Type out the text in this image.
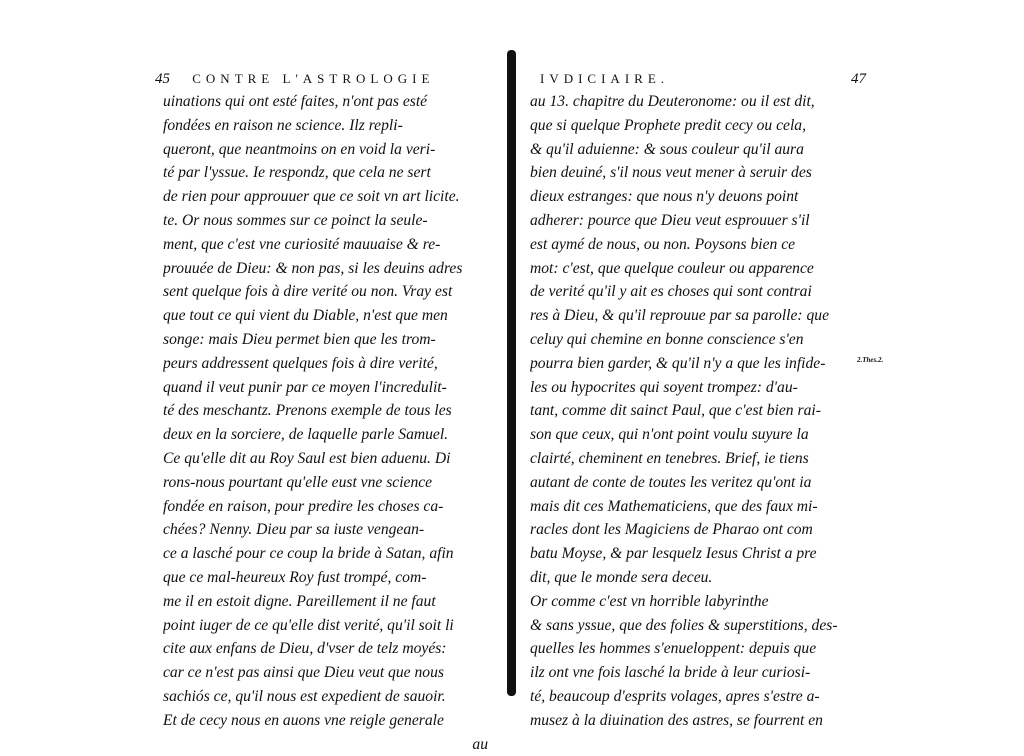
45 CONTRE L'ASTROLOGIE
uinations qui ont esté faites, n'ont pas esté
fondées en raison ne science. Ilz repli-
queront, que neantmoins on en void la veri-
té par l'yssue. Ie respondz, que cela ne sert
de rien pour approuuer que ce soit vn art licite.
te. Or nous sommes sur ce poinct la seule-
ment, que c'est vne curiosité mauuaise & re-
prouuée de Dieu: & non pas, si les deuins adres
sent quelque fois à dire verité ou non. Vray est
que tout ce qui vient du Diable, n'est que men
songe: mais Dieu permet bien que les trom-
peurs addressent quelques fois à dire verité,
quand il veut punir par ce moyen l'incredulit-
té des meschantz. Prenons exemple de tous les
deux en la sorciere, de laquelle parle Samuel.
Ce qu'elle dit au Roy Saul est bien aduenu. Di
rons-nous pourtant qu'elle eust vne science
fondée en raison, pour predire les choses ca-
chées? Nenny. Dieu par sa iuste vengean-
ce a lasché pour ce coup la bride à Satan, afin
que ce mal-heureux Roy fust trompé, com-
me il en estoit digne. Pareillement il ne faut
point iuger de ce qu'elle dist verité, qu'il soit li
cite aux enfans de Dieu, d'vser de telz moyés:
car ce n'est pas ainsi que Dieu veut que nous
sachiós ce, qu'il nous est expedient de sauoir.
Et de cecy nous en auons vne reigle generale
au
IVDICIAIRE.	47
au 13. chapitre du Deuteronome: ou il est dit,
que si quelque Prophete predit cecy ou cela,
& qu'il aduienne: & sous couleur qu'il aura
bien deuiné, s'il nous veut mener à seruir des
dieux estranges: que nous n'y deuons point
adherer: pource que Dieu veut esprouuer s'il
est aymé de nous, ou non. Poysons bien ce
mot: c'est, que quelque couleur ou apparence
de verité qu'il y ait es choses qui sont contrai
res à Dieu, & qu'il reprouue par sa parolle: que
celuy qui chemine en bonne conscience s'en
pourra bien garder, & qu'il n'y a que les infide-
les ou hypocrites qui soyent trompez: d'au-
tant, comme dit sainct Paul, que c'est bien rai-
son que ceux, qui n'ont point voulu suyure la
clairté, cheminent en tenebres. Brief, ie tiens
autant de conte de toutes les veritez qu'ont ia
mais dit ces Mathematiciens, que des faux mi-
racles dont les Magiciens de Pharao ont com
batu Moyse, & par lesquelz Iesus Christ a pre
dit, que le monde sera deceu.
Or comme c'est vn horrible labyrinthe
& sans yssue, que des folies & superstitions, des-
quelles les hommes s'enueloppent: depuis que
ilz ont vne fois lasché la bride à leur curiosi-
té, beaucoup d'esprits volages, apres s'estre a-
musez à la diuination des astres, se fourrent en
2.Thes.2.
